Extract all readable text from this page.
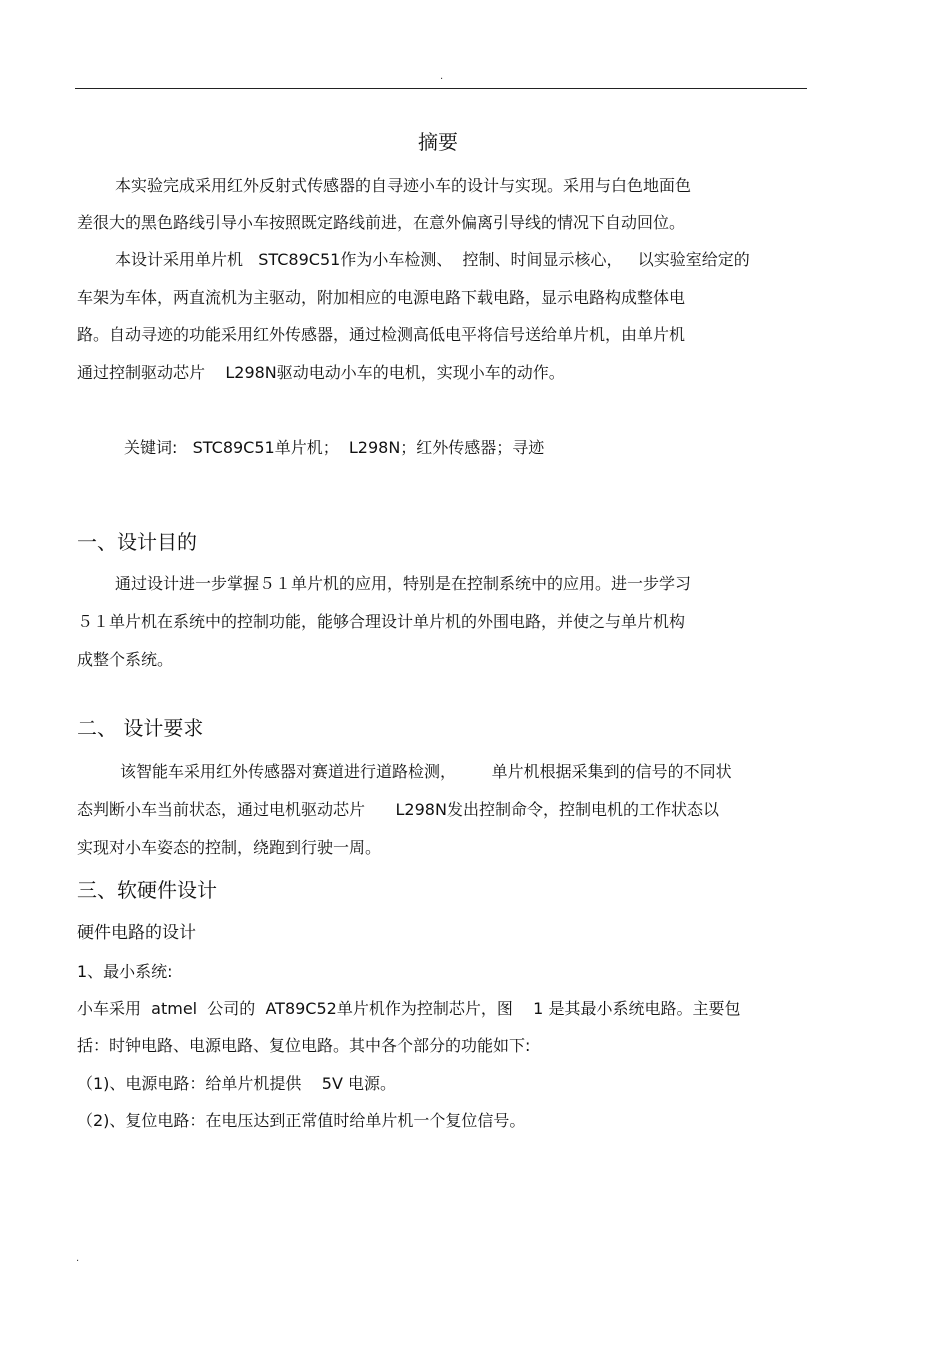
.

摘要

本实验完成采用红外反射式传感器的自寻迹小车的设计与实现。采用与白色地面色

差很大的黑色路线引导小车按照既定路线前进，在意外偏离引导线的情况下自动回位。

本设计采用单片机   STC89C51作为小车检测、  控制、时间显示核心，   以实验室给定的

车架为车体，两直流机为主驱动，附加相应的电源电路下载电路，显示电路构成整体电

路。自动寻迹的功能采用红外传感器，通过检测高低电平将信号送给单片机，由单片机

通过控制驱动芯片    L298N驱动电动小车的电机，实现小车的动作。

关键词:   STC89C51单片机；  L298N；红外传感器；寻迹

一、设计目的

通过设计进一步掌握５１单片机的应用，特别是在控制系统中的应用。进一步学习

５１单片机在系统中的控制功能，能够合理设计单片机的外围电路，并使之与单片机构

成整个系统。

二、 设计要求

该智能车采用红外传感器对赛道进行道路检测，       单片机根据采集到的信号的不同状

态判断小车当前状态，通过电机驱动芯片      L298N发出控制命令，控制电机的工作状态以

实现对小车姿态的控制，绕跑到行驶一周。

三、软硬件设计

硬件电路的设计

1、最小系统:

小车采用  atmel  公司的  AT89C52单片机作为控制芯片，图    1 是其最小系统电路。主要包

括：时钟电路、电源电路、复位电路。其中各个部分的功能如下:

（1)、电源电路：给单片机提供    5V 电源。

（2)、复位电路：在电压达到正常值时给单片机一个复位信号。

.
